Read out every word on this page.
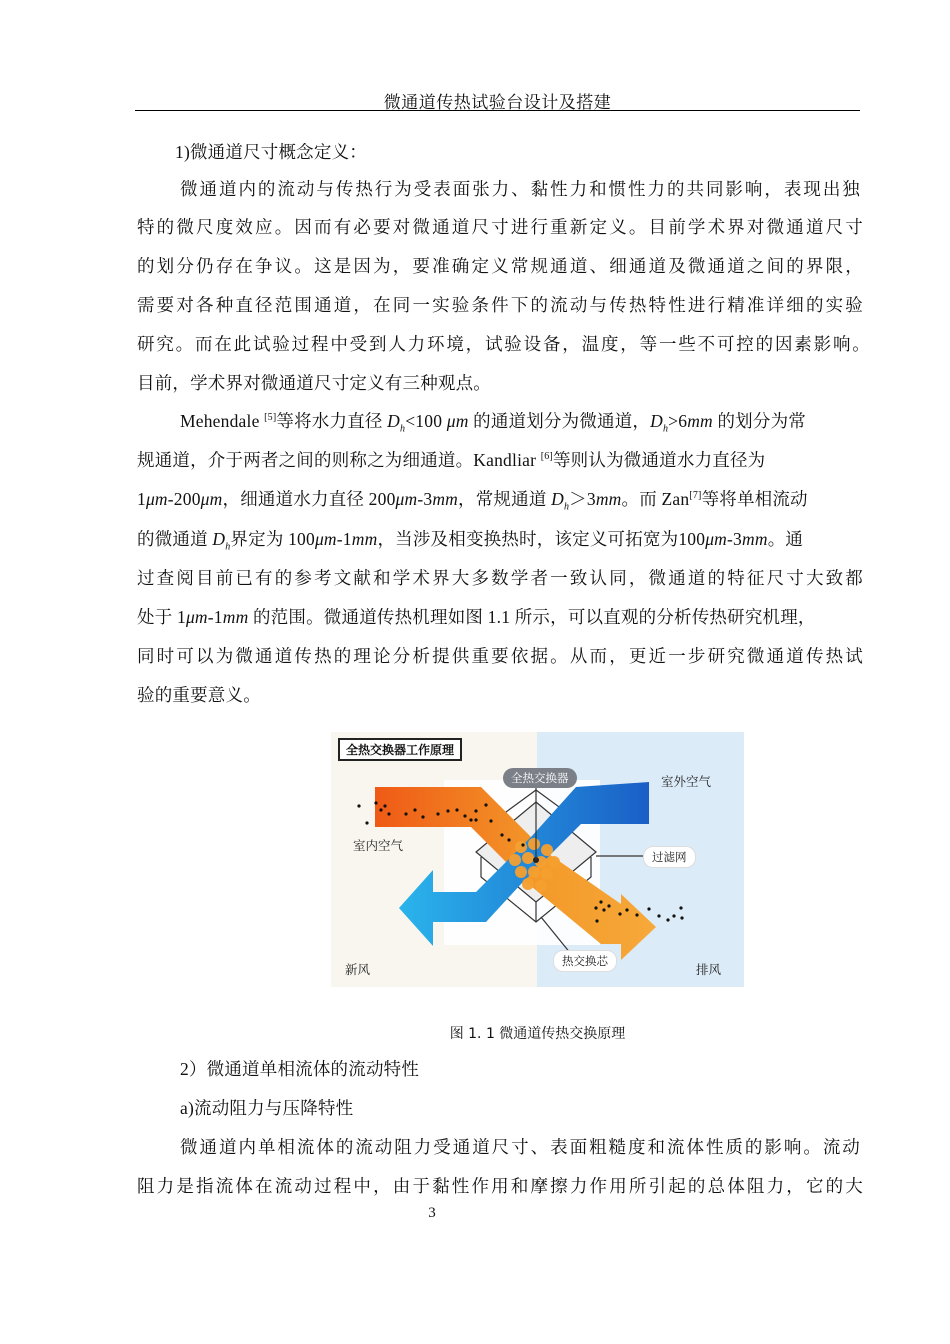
微通道传热试验台设计及搭建
1)微通道尺寸概念定义：
微通道内的流动与传热行为受表面张力、黏性力和惯性力的共同影响，表现出独
特的微尺度效应。因而有必要对微通道尺寸进行重新定义。目前学术界对微通道尺寸
的划分仍存在争议。这是因为，要准确定义常规通道、细通道及微通道之间的界限，
需要对各种直径范围通道，在同一实验条件下的流动与传热特性进行精准详细的实验
研究。而在此试验过程中受到人力环境，试验设备，温度，等一些不可控的因素影响。
目前，学术界对微通道尺寸定义有三种观点。
Mehendale [5]等将水力直径 $D_h<100$ μm 的通道划分为微通道，$D_h>6mm$ 的划分为常
规通道，介于两者之间的则称之为细通道。Kandliar [6]等则认为微通道水力直径为
1μm-200μm，细通道水力直径 200μm-3mm，常规通道 $D_h>3mm$。而 Zan[7]等将单相流动
的微通道 $D_h$界定为 100μm-1mm，当涉及相变换热时，该定义可拓宽为100μm-3mm。通
过查阅目前已有的参考文献和学术界大多数学者一致认同，微通道的特征尺寸大致都
处于 1μm-1mm 的范围。微通道传热机理如图 1.1 所示，可以直观的分析传热研究机理，
同时可以为微通道传热的理论分析提供重要依据。从而，更近一步研究微通道传热试
验的重要意义。
全热交换器工作原理
全热交换器	室外空气
室内空气
过滤网
热交换芯
新风	排风
图 1. 1 微通道传热交换原理
2）微通道单相流体的流动特性
a)流动阻力与压降特性
微通道内单相流体的流动阻力受通道尺寸、表面粗糙度和流体性质的影响。流动
阻力是指流体在流动过程中，由于黏性作用和摩擦力作用所引起的总体阻力，它的大
3
